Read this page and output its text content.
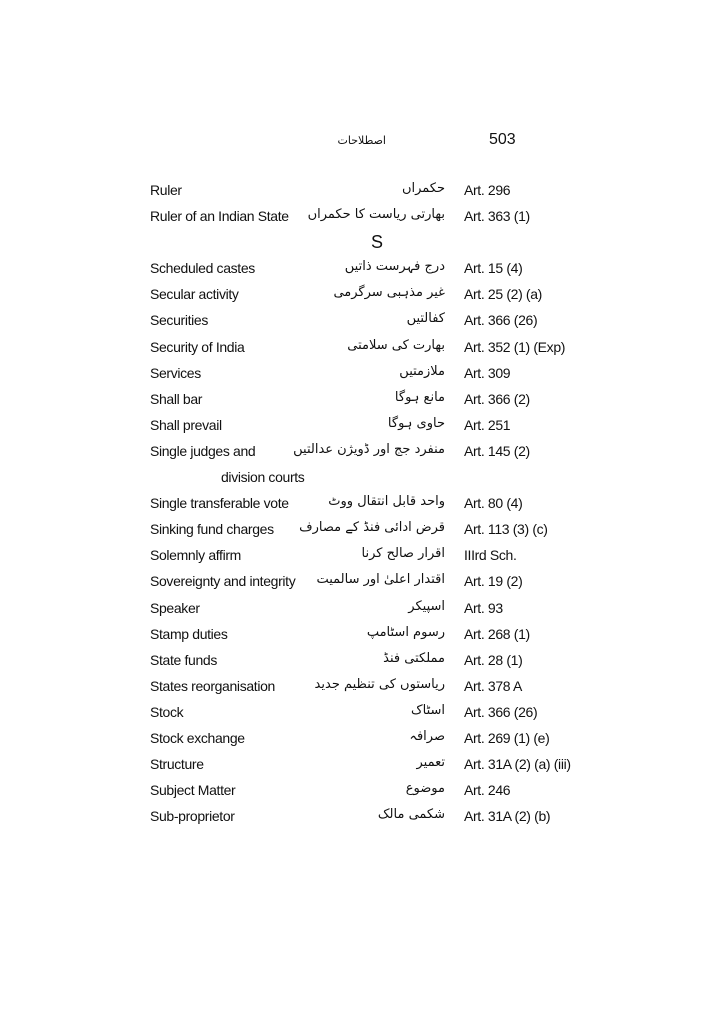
اصطلاحات	503
Ruler	حکمراں Art. 296
Ruler of an Indian State	بھارتی ریاست کا حکمراں Art. 363 (1)
S
Scheduled castes	درج فہرست ذاتیں Art. 15 (4)
Secular activity	غیر مذہبی سرگرمی Art. 25 (2) (a)
Securities	کفالتیں Art. 366 (26)
Security of India	بھارت کی سلامتی Art. 352 (1) (Exp)
Services	ملازمتیں Art. 309
Shall bar	مانع ہوگا Art. 366 (2)
Shall prevail	حاوی ہوگا Art. 251
Single judges and	منفرد جج اور ڈویژن عدالتیں Art. 145 (2)
division courts
Single transferable vote	واحد قابل انتقال ووٹ Art. 80 (4)
Sinking fund charges	قرض ادائی فنڈ کے مصارف Art. 113 (3) (c)
Solemnly affirm	اقرار صالح کرنا IIIrd Sch.
Sovereignty and integrity	اقتدار اعلیٰ اور سالمیت Art. 19 (2)
Speaker	اسپیکر Art. 93
Stamp duties	رسوم اسٹامپ Art. 268 (1)
State funds	مملکتی فنڈ Art. 28 (1)
States reorganisation	ریاستوں کی تنظیم جدید Art. 378 A
Stock	اسٹاک Art. 366 (26)
Stock exchange	صرافہ Art. 269 (1) (e)
Structure	تعمیر Art. 31A (2) (a) (iii)
Subject Matter	موضوع Art. 246
Sub-proprietor	شکمی مالک Art. 31A (2) (b)
